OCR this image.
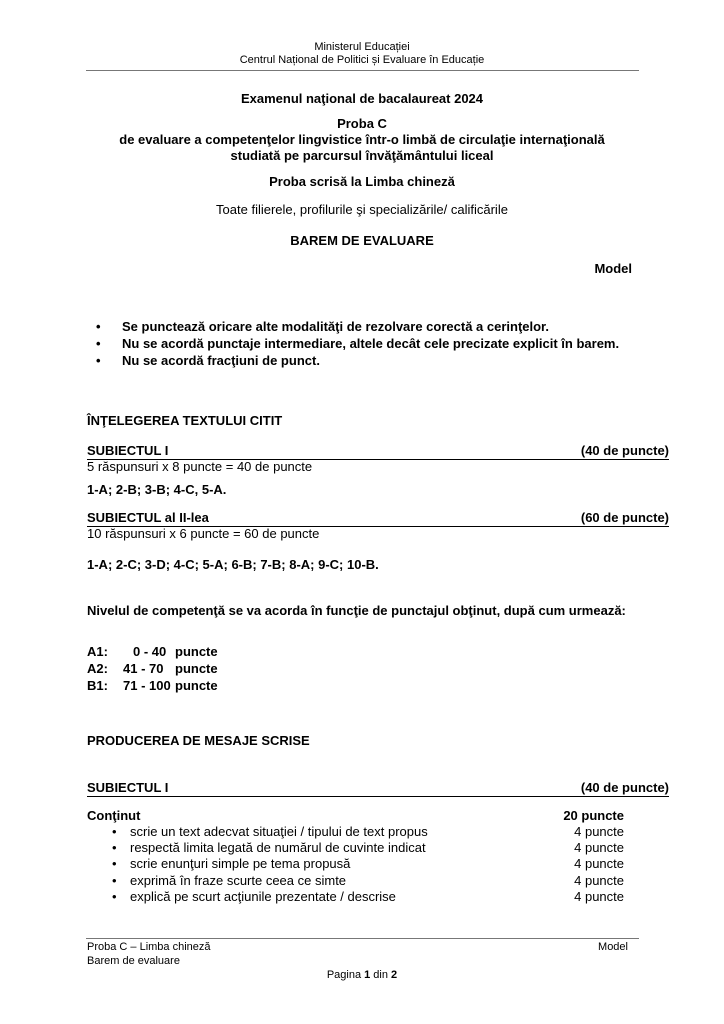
Ministerul Educației
Centrul Național de Politici și Evaluare în Educație
Examenul naţional de bacalaureat 2024
Proba C
de evaluare a competenţelor lingvistice într-o limbă de circulaţie internaţională
studiată pe parcursul învăţământului liceal
Proba scrisă la Limba chineză
Toate filierele, profilurile şi specializările/ calificările
BAREM DE EVALUARE
Model
• Se punctează oricare alte modalităţi de rezolvare corectă a cerinţelor.
• Nu se acordă punctaje intermediare, altele decât cele precizate explicit în barem.
• Nu se acordă fracţiuni de punct.
ÎNŢELEGEREA TEXTULUI CITIT
SUBIECTUL I	(40 de puncte)
5 răspunsuri x 8 puncte = 40 de puncte
1-A; 2-B; 3-B; 4-C, 5-A.
SUBIECTUL al II-lea	(60 de puncte)
10 răspunsuri x 6 puncte = 60 de puncte
1-A; 2-C; 3-D; 4-C; 5-A; 6-B; 7-B; 8-A; 9-C; 10-B.
Nivelul de competenţă se va acorda în funcţie de punctajul obţinut, după cum urmează:
A1: 0 - 40 puncte
A2: 41 - 70 puncte
B1: 71 - 100 puncte
PRODUCEREA DE MESAJE SCRISE
SUBIECTUL I	(40 de puncte)
Conţinut	20 puncte
• scrie un text adecvat situaţiei / tipului de text propus	4 puncte
• respectă limita legată de numărul de cuvinte indicat	4 puncte
• scrie enunţuri simple pe tema propusă	4 puncte
• exprimă în fraze scurte ceea ce simte	4 puncte
• explică pe scurt acţiunile prezentate / descrise	4 puncte
Proba C – Limba chineză
Barem de evaluare
Model
Pagina 1 din 2
